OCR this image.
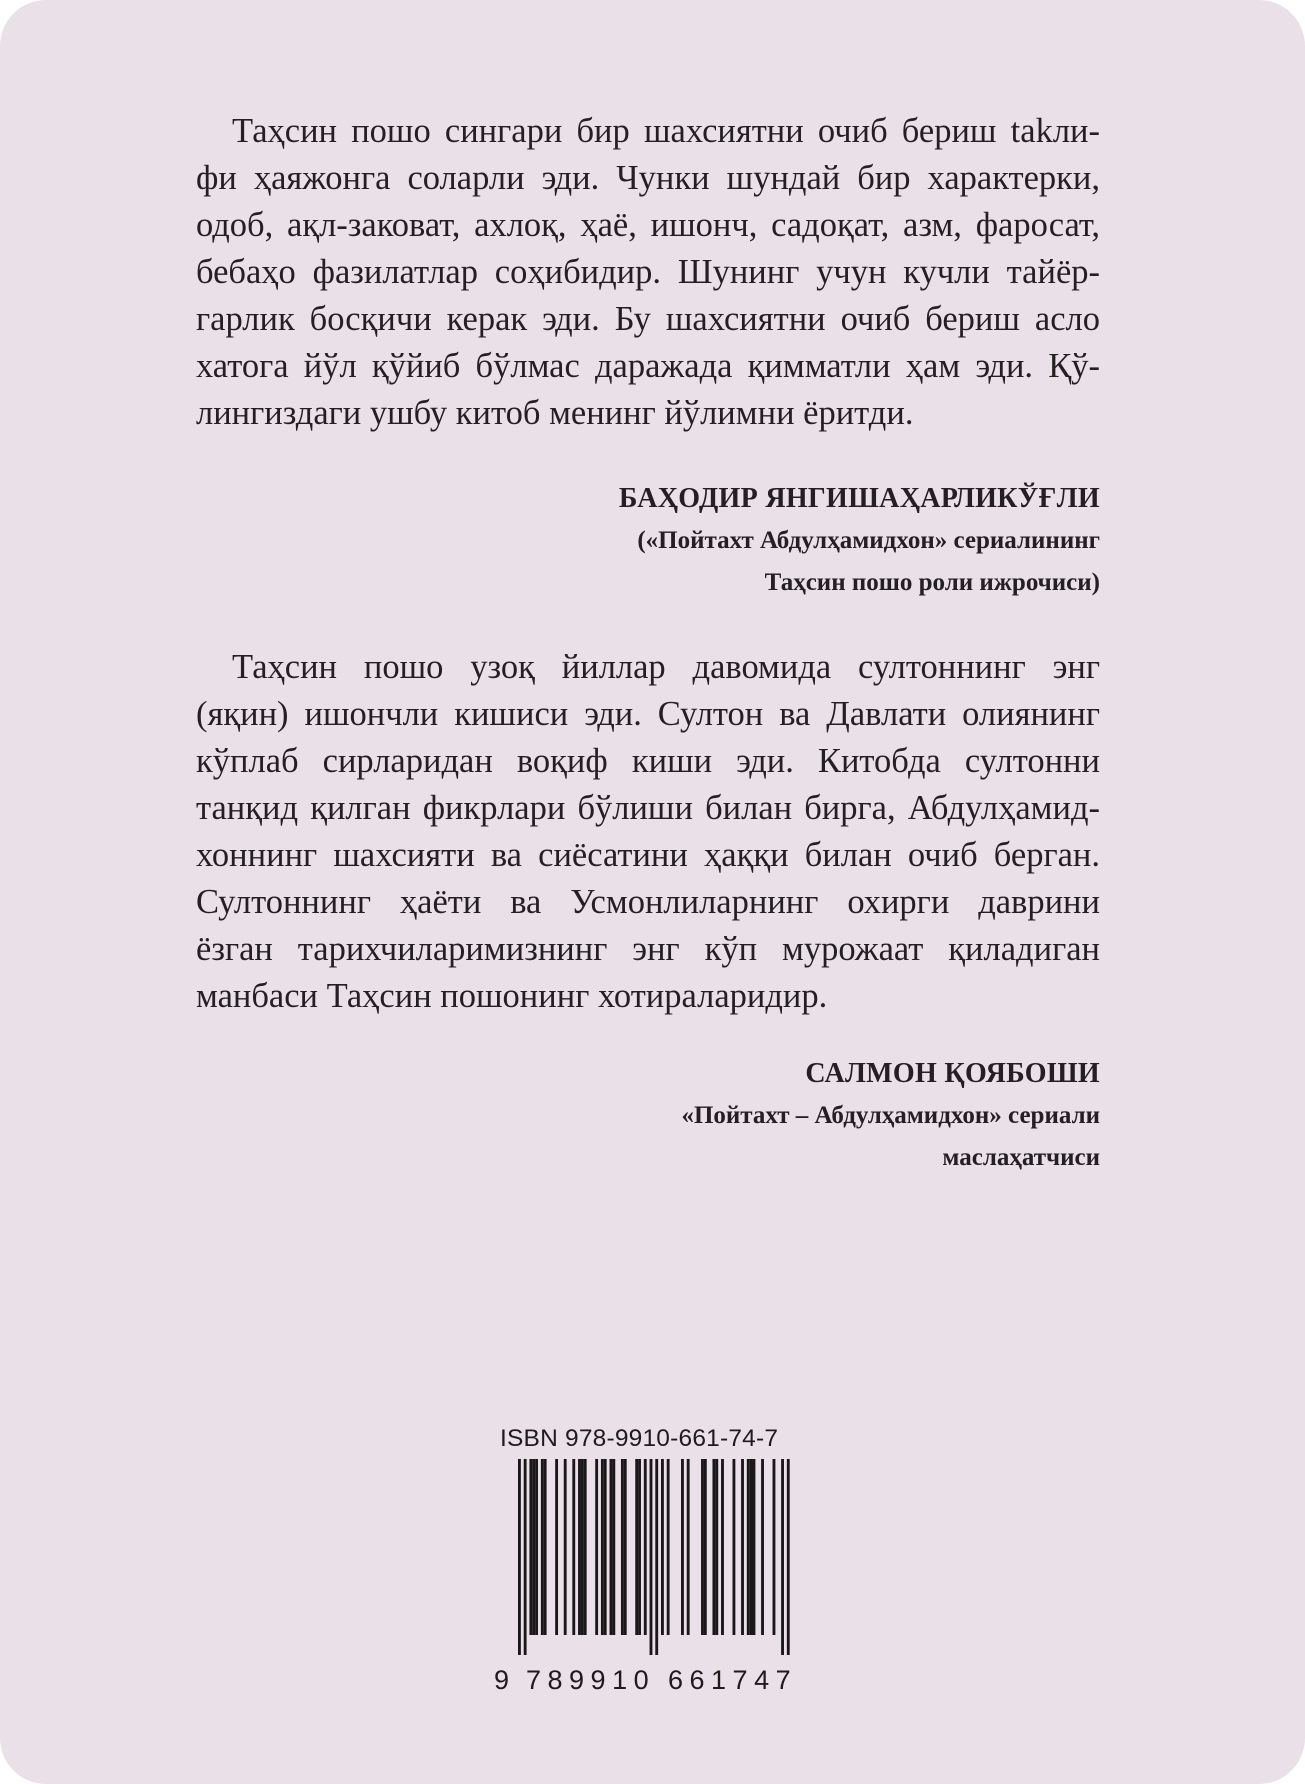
Таҳсин пошо сингари бир шахсиятни очиб бериш takли-
фи ҳаяжонга соларли эди. Чунки шундай бир характерки,
одоб, ақл-заковат, ахлоқ, ҳаё, ишонч, садоқат, азм, фаросат,
бебаҳо фазилатлар соҳибидир. Шунинг учун кучли тайёр-
гарлик босқичи керак эди. Бу шахсиятни очиб бериш асло
хатога йўл қўйиб бўлмас даражада қимматли ҳам эди. Қў-
лингиздаги ушбу китоб менинг йўлимни ёритди.
БАҲОДИР ЯНГИШАҲАРЛИКЎҒЛИ
(«Пойтахт Абдулҳамидхон» сериалининг
Таҳсин пошо роли ижрочиси)
Таҳсин пошо узоқ йиллар давомида султоннинг энг
(яқин) ишончли кишиси эди. Султон ва Давлати олиянинг
кўплаб сирларидан воқиф киши эди. Китобда султонни
танқид қилган фикрлари бўлиши билан бирга, Абдулҳамид-
хоннинг шахсияти ва сиёсатини ҳаққи билан очиб берган.
Султоннинг ҳаёти ва Усмонлиларнинг охирги даврини
ёзган тарихчиларимизнинг энг кўп мурожаат қиладиган
манбаси Таҳсин пошонинг хотираларидир.
САЛМОН ҚОЯБОШИ
«Пойтахт – Абдулҳамидхон» сериали
маслаҳатчиси
ISBN 978-9910-661-74-7
9 789910 661747
